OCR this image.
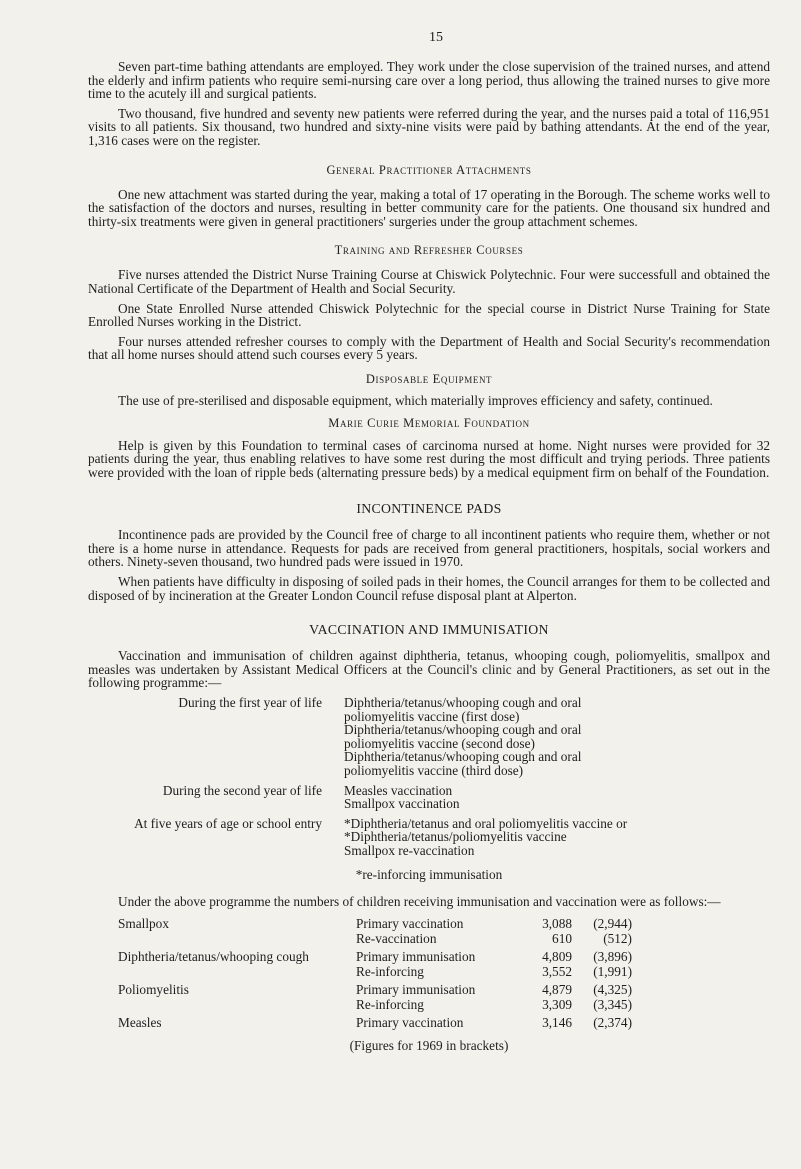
15

Seven part-time bathing attendants are employed. They work under the close supervision of the trained nurses, and attend the elderly and infirm patients who require semi-nursing care over a long period, thus allowing the trained nurses to give more time to the acutely ill and surgical patients.

Two thousand, five hundred and seventy new patients were referred during the year, and the nurses paid a total of 116,951 visits to all patients. Six thousand, two hundred and sixty-nine visits were paid by bathing attendants. At the end of the year, 1,316 cases were on the register.

General Practitioner Attachments

One new attachment was started during the year, making a total of 17 operating in the Borough. The scheme works well to the satisfaction of the doctors and nurses, resulting in better community care for the patients. One thousand six hundred and thirty-six treatments were given in general practitioners' surgeries under the group attachment schemes.

Training and Refresher Courses

Five nurses attended the District Nurse Training Course at Chiswick Polytechnic. Four were successfull and obtained the National Certificate of the Department of Health and Social Security.

One State Enrolled Nurse attended Chiswick Polytechnic for the special course in District Nurse Training for State Enrolled Nurses working in the District.

Four nurses attended refresher courses to comply with the Department of Health and Social Security's recommendation that all home nurses should attend such courses every 5 years.

Disposable Equipment

The use of pre-sterilised and disposable equipment, which materially improves efficiency and safety, continued.

Marie Curie Memorial Foundation

Help is given by this Foundation to terminal cases of carcinoma nursed at home. Night nurses were provided for 32 patients during the year, thus enabling relatives to have some rest during the most difficult and trying periods. Three patients were provided with the loan of ripple beds (alternating pressure beds) by a medical equipment firm on behalf of the Foundation.

INCONTINENCE PADS

Incontinence pads are provided by the Council free of charge to all incontinent patients who require them, whether or not there is a home nurse in attendance. Requests for pads are received from general practitioners, hospitals, social workers and others. Ninety-seven thousand, two hundred pads were issued in 1970.

When patients have difficulty in disposing of soiled pads in their homes, the Council arranges for them to be collected and disposed of by incineration at the Greater London Council refuse disposal plant at Alperton.

VACCINATION AND IMMUNISATION

Vaccination and immunisation of children against diphtheria, tetanus, whooping cough, poliomyelitis, smallpox and measles was undertaken by Assistant Medical Officers at the Council's clinic and by General Practitioners, as set out in the following programme:—

During the first year of life	Diphtheria/tetanus/whooping cough and oral
poliomyelitis vaccine (first dose)
Diphtheria/tetanus/whooping cough and oral
poliomyelitis vaccine (second dose)
Diphtheria/tetanus/whooping cough and oral
poliomyelitis vaccine (third dose)
During the second year of life	Measles vaccination
Smallpox vaccination
At five years of age or school entry	*Diphtheria/tetanus and oral poliomyelitis vaccine or
*Diphtheria/tetanus/poliomyelitis vaccine
Smallpox re-vaccination
*re-inforcing immunisation

Under the above programme the numbers of children receiving immunisation and vaccination were as follows:—

Smallpox	Primary vaccination	3,088	(2,944)
Re-vaccination	610	(512)
Diphtheria/tetanus/whooping cough	Primary immunisation	4,809	(3,896)
Re-inforcing	3,552	(1,991)
Poliomyelitis	Primary immunisation	4,879	(4,325)
Re-inforcing	3,309	(3,345)
Measles	Primary vaccination	3,146	(2,374)
(Figures for 1969 in brackets)
